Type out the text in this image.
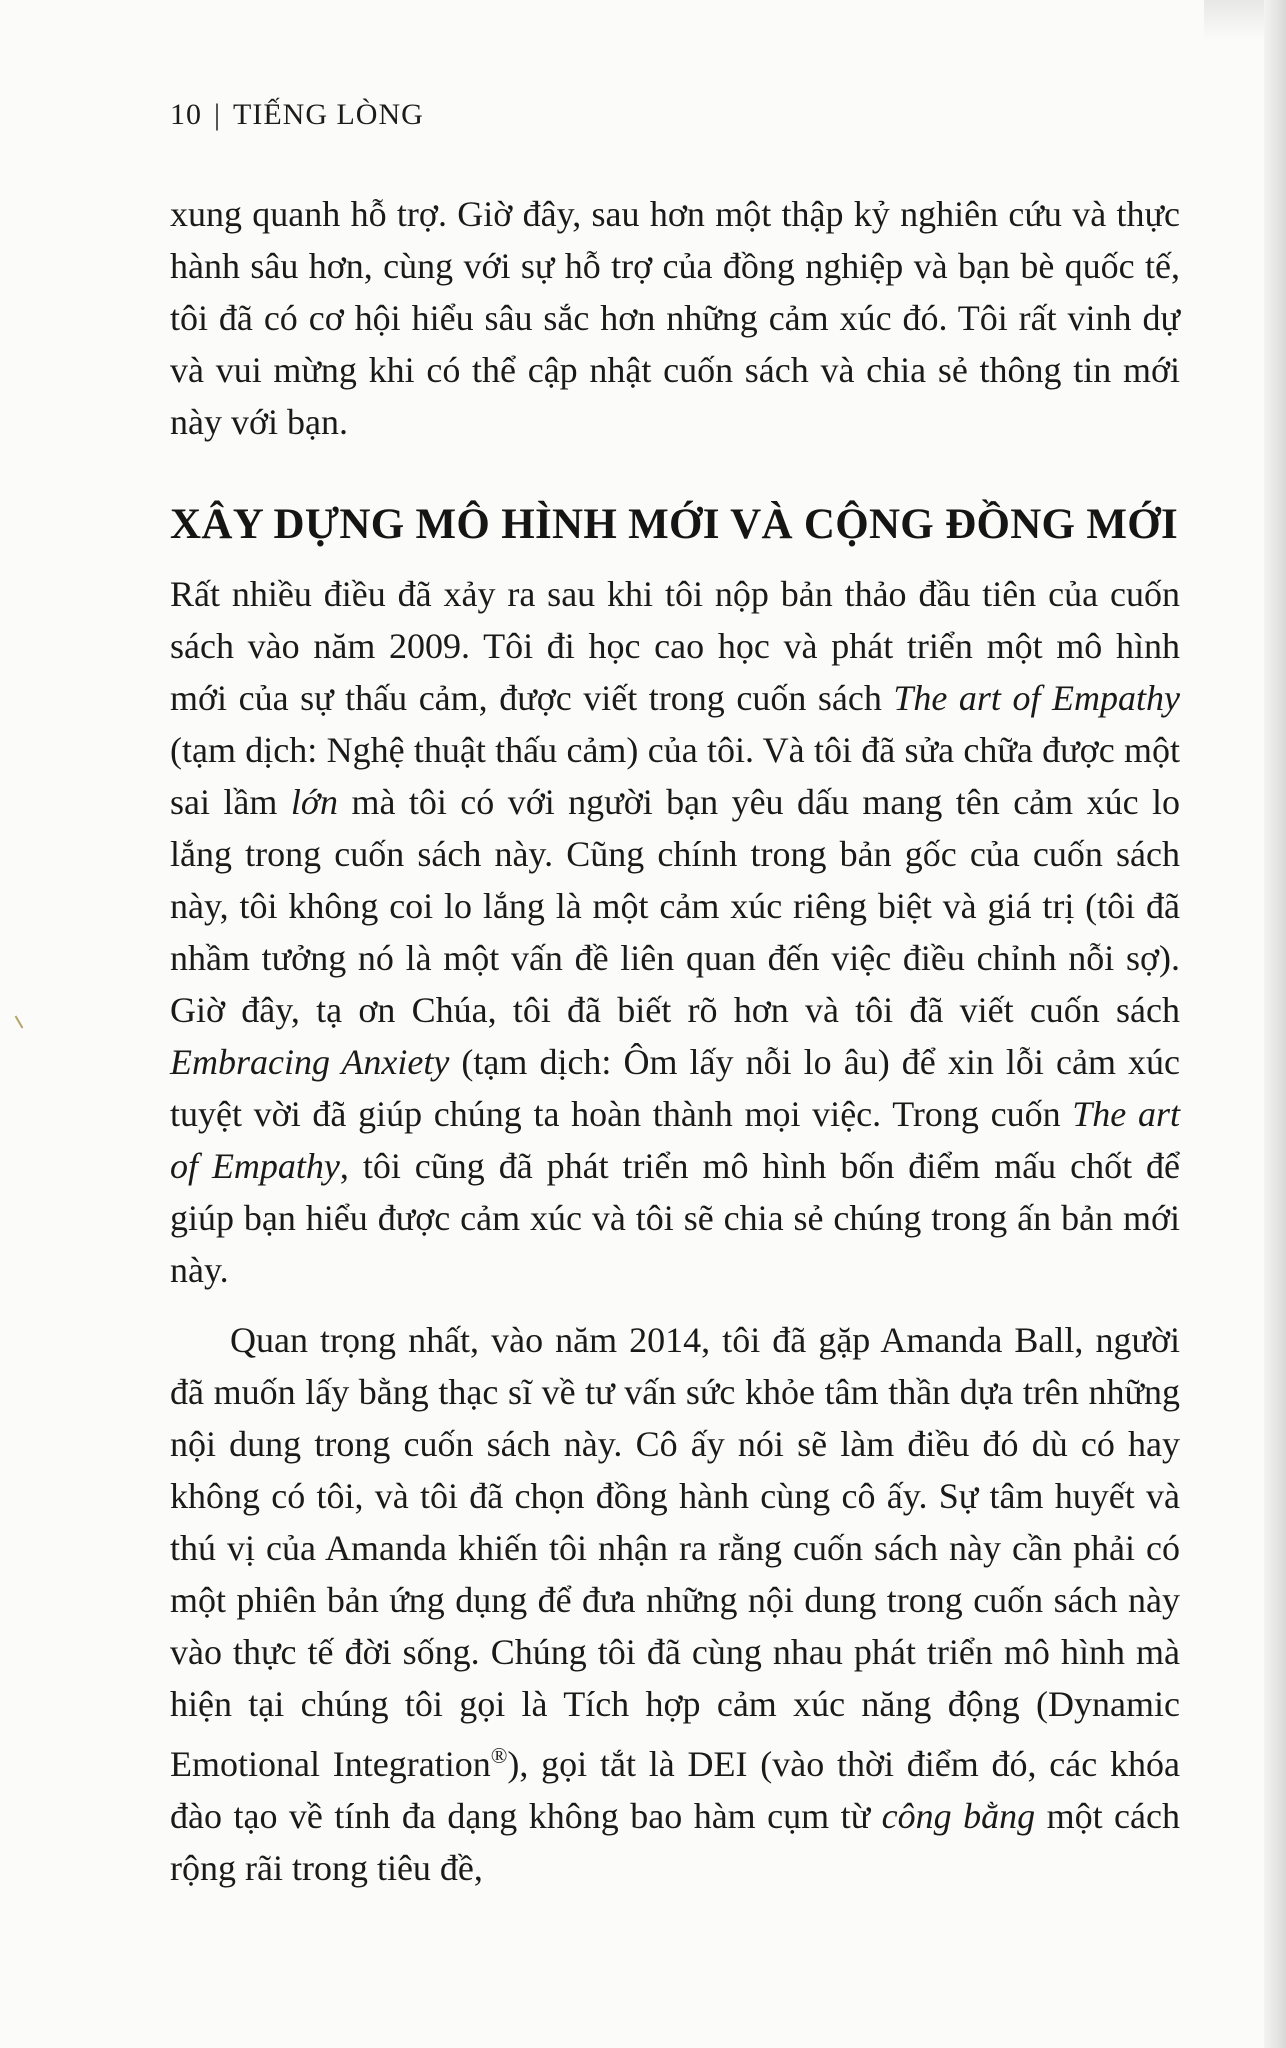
10 | TIẾNG LÒNG

xung quanh hỗ trợ. Giờ đây, sau hơn một thập kỷ nghiên cứu và thực hành sâu hơn, cùng với sự hỗ trợ của đồng nghiệp và bạn bè quốc tế, tôi đã có cơ hội hiểu sâu sắc hơn những cảm xúc đó. Tôi rất vinh dự và vui mừng khi có thể cập nhật cuốn sách và chia sẻ thông tin mới này với bạn.

XÂY DỰNG MÔ HÌNH MỚI VÀ CỘNG ĐỒNG MỚI

Rất nhiều điều đã xảy ra sau khi tôi nộp bản thảo đầu tiên của cuốn sách vào năm 2009. Tôi đi học cao học và phát triển một mô hình mới của sự thấu cảm, được viết trong cuốn sách The art of Empathy (tạm dịch: Nghệ thuật thấu cảm) của tôi. Và tôi đã sửa chữa được một sai lầm lớn mà tôi có với người bạn yêu dấu mang tên cảm xúc lo lắng trong cuốn sách này. Cũng chính trong bản gốc của cuốn sách này, tôi không coi lo lắng là một cảm xúc riêng biệt và giá trị (tôi đã nhầm tưởng nó là một vấn đề liên quan đến việc điều chỉnh nỗi sợ). Giờ đây, tạ ơn Chúa, tôi đã biết rõ hơn và tôi đã viết cuốn sách Embracing Anxiety (tạm dịch: Ôm lấy nỗi lo âu) để xin lỗi cảm xúc tuyệt vời đã giúp chúng ta hoàn thành mọi việc. Trong cuốn The art of Empathy, tôi cũng đã phát triển mô hình bốn điểm mấu chốt để giúp bạn hiểu được cảm xúc và tôi sẽ chia sẻ chúng trong ấn bản mới này.

Quan trọng nhất, vào năm 2014, tôi đã gặp Amanda Ball, người đã muốn lấy bằng thạc sĩ về tư vấn sức khỏe tâm thần dựa trên những nội dung trong cuốn sách này. Cô ấy nói sẽ làm điều đó dù có hay không có tôi, và tôi đã chọn đồng hành cùng cô ấy. Sự tâm huyết và thú vị của Amanda khiến tôi nhận ra rằng cuốn sách này cần phải có một phiên bản ứng dụng để đưa những nội dung trong cuốn sách này vào thực tế đời sống. Chúng tôi đã cùng nhau phát triển mô hình mà hiện tại chúng tôi gọi là Tích hợp cảm xúc năng động (Dynamic Emotional Integration®), gọi tắt là DEI (vào thời điểm đó, các khóa đào tạo về tính đa dạng không bao hàm cụm từ công bằng một cách rộng rãi trong tiêu đề,
